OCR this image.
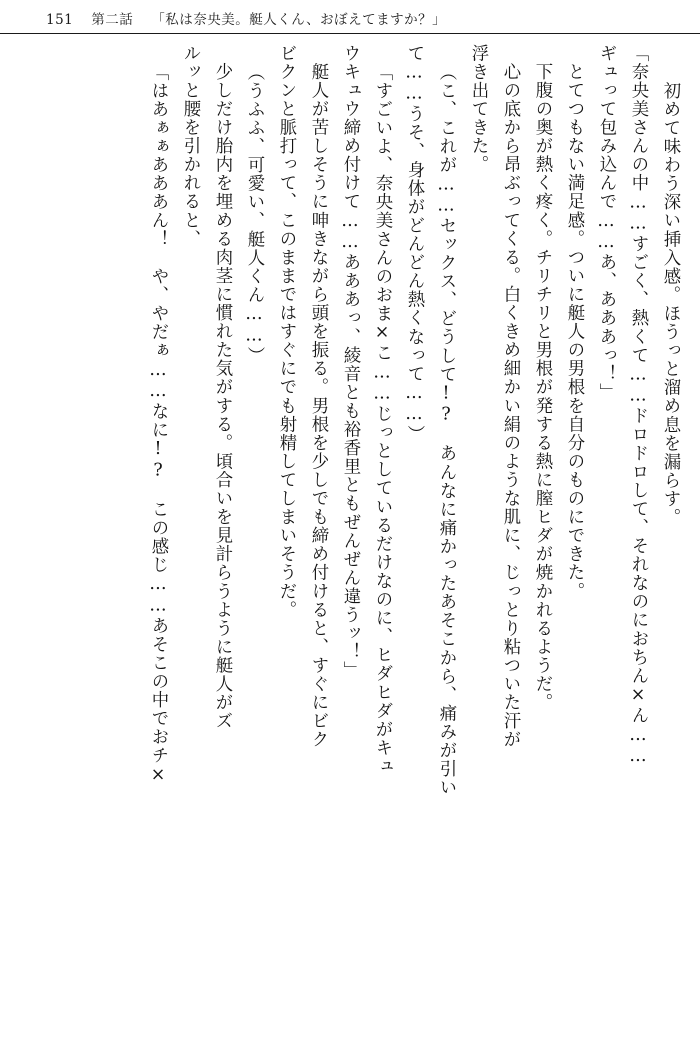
151 第二話 「私は奈央美。艇人くん、おぼえてますか？」
　初めて味わう深い挿入感。ほうっと溜め息を漏らす。
「奈央美さんの中……すごく、熱くて……ドロドロして、それなのにおちん×ん……
ギュって包み込んで……あ、あああっ！」
　とてつもない満足感。ついに艇人の男根を自分のものにできた。
　下腹の奥が熱く疼く。チリチリと男根が発する熱に膣ヒダが焼かれるようだ。
　心の底から昂ぶってくる。白くきめ細かい絹のような肌に、じっとり粘ついた汗が
浮き出てきた。
（こ、これが……セックス、どうして!?　あんなに痛かったあそこから、痛みが引い
て……うそ、身体がどんどん熱くなって……）
「すごいよ、奈央美さんのおま×こ……じっとしているだけなのに、ヒダヒダがキュ
ウキュウ締め付けて……あああっ、綾音とも裕香里ともぜんぜん違うッ！」
　艇人が苦しそうに呻きながら頭を振る。男根を少しでも締め付けると、すぐにビク
ビクンと脈打って、このままではすぐにでも射精してしまいそうだ。
（うふふ、可愛い、艇人くん……）
　少しだけ胎内を埋める肉茎に慣れた気がする。頃合いを見計らうように艇人がズ
ルッと腰を引かれると、
「はあぁぁあああん！　や、やだぁ……なに!?　この感じ……あそこの中でおチ×
